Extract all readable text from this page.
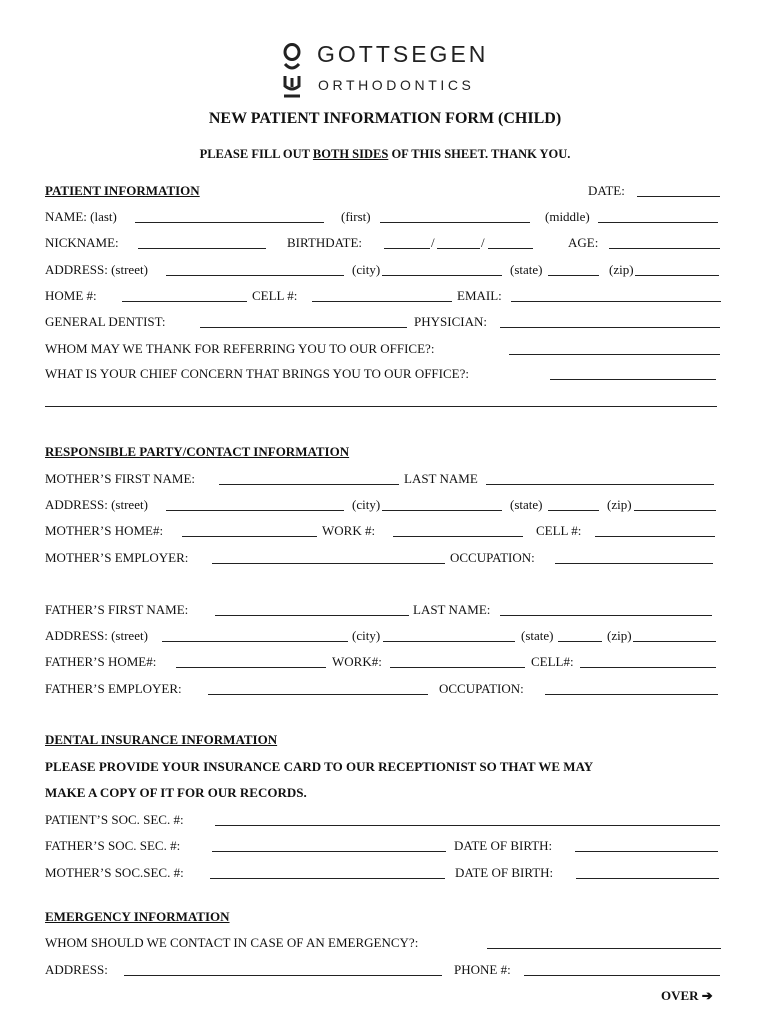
GOTTSEGEN
ORTHODONTICS
NEW PATIENT INFORMATION FORM (CHILD)
PLEASE FILL OUT BOTH SIDES OF THIS SHEET. THANK YOU.
PATIENT INFORMATION	DATE:
NAME: (last)	(first)	(middle)
NICKNAME:	BIRTHDATE:	/	/	AGE:
ADDRESS: (street)	(city)	(state)	(zip)
HOME #:	CELL #:	EMAIL:
GENERAL DENTIST:	PHYSICIAN:
WHOM MAY WE THANK FOR REFERRING YOU TO OUR OFFICE?:
WHAT IS YOUR CHIEF CONCERN THAT BRINGS YOU TO OUR OFFICE?:
RESPONSIBLE PARTY/CONTACT INFORMATION
MOTHER’S FIRST NAME:	LAST NAME
ADDRESS: (street)	(city)	(state)	(zip)
MOTHER’S HOME#:	WORK #:	CELL #:
MOTHER’S EMPLOYER:	OCCUPATION:
FATHER’S FIRST NAME:	LAST NAME:
ADDRESS: (street)	(city)	(state)	(zip)
FATHER’S HOME#:	WORK#:	CELL#:
FATHER’S EMPLOYER:	OCCUPATION:
DENTAL INSURANCE INFORMATION
PLEASE PROVIDE YOUR INSURANCE CARD TO OUR RECEPTIONIST SO THAT WE MAY
MAKE A COPY OF IT FOR OUR RECORDS.
PATIENT’S SOC. SEC. #:
FATHER’S SOC. SEC. #:	DATE OF BIRTH:
MOTHER’S SOC.SEC. #:	DATE OF BIRTH:
EMERGENCY INFORMATION
WHOM SHOULD WE CONTACT IN CASE OF AN EMERGENCY?:
ADDRESS:	PHONE #:
OVER ➔
